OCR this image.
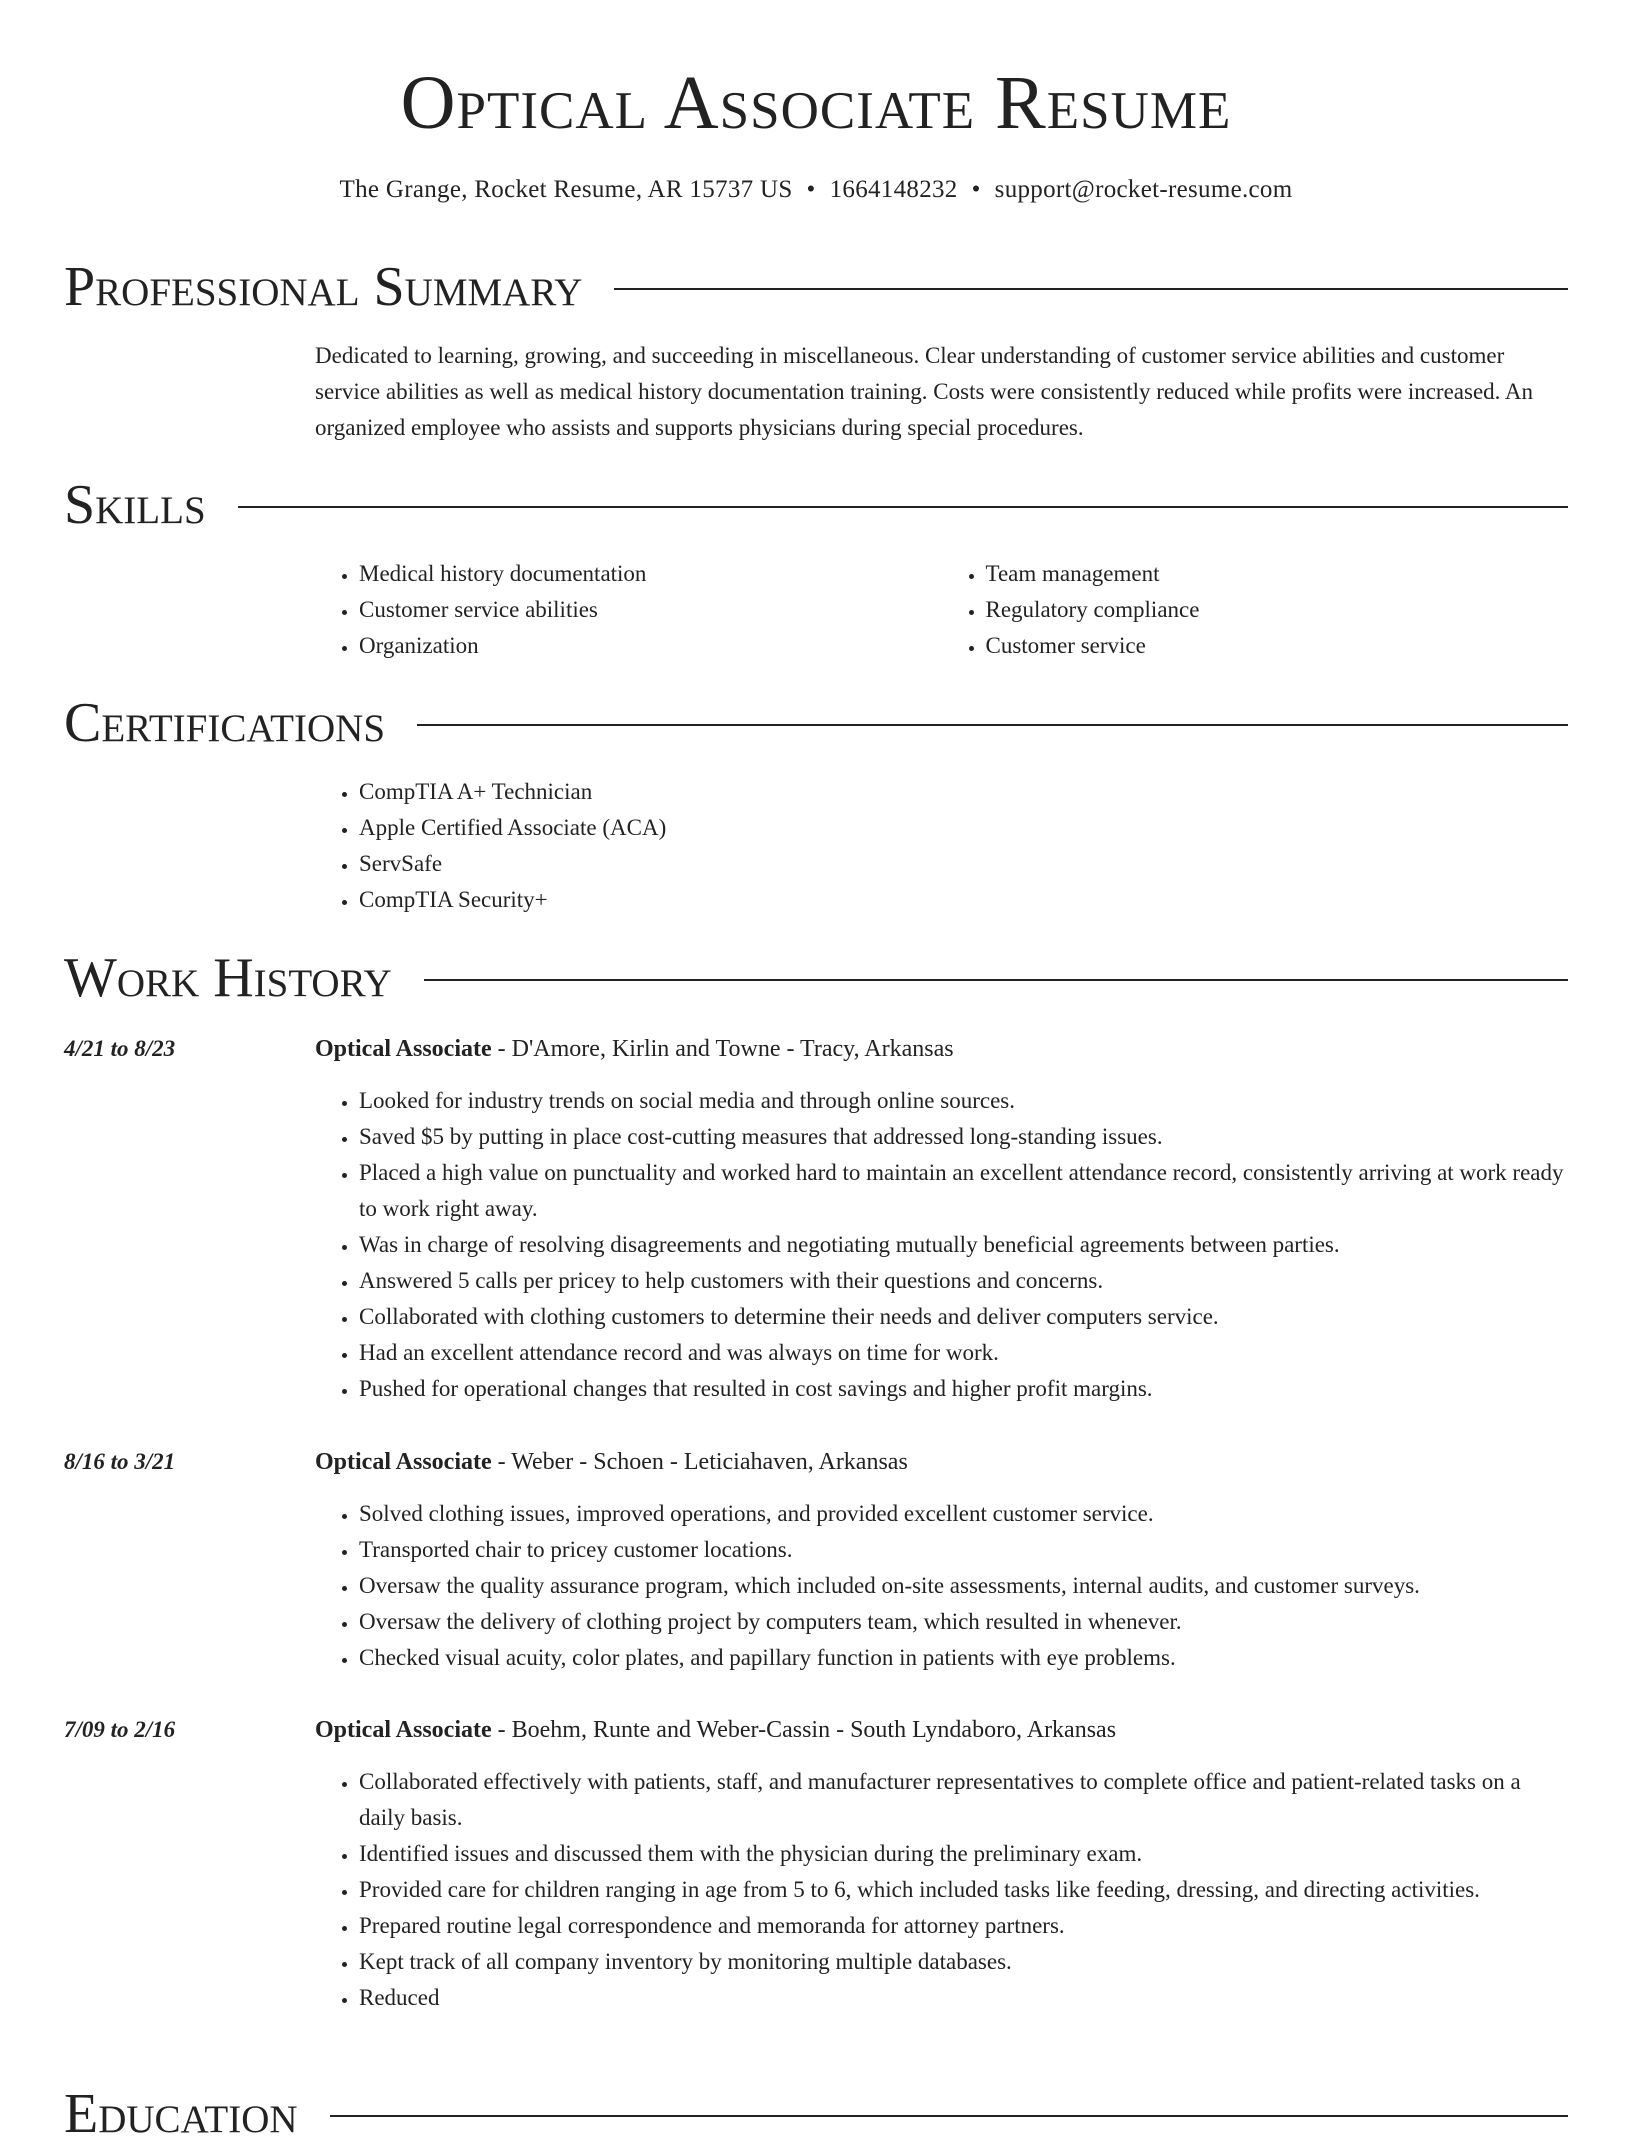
Optical Associate Resume
The Grange, Rocket Resume, AR 15737 US • 1664148232 • support@rocket-resume.com
Professional Summary

Dedicated to learning, growing, and succeeding in miscellaneous. Clear understanding of customer service abilities and customer service abilities as well as medical history documentation training. Costs were consistently reduced while profits were increased. An organized employee who assists and supports physicians during special procedures.

Skills
• Medical history documentation
• Customer service abilities
• Organization
• Team management
• Regulatory compliance
• Customer service
Certifications
• CompTIA A+ Technician
• Apple Certified Associate (ACA)
• ServSafe
• CompTIA Security+
Work History
4/21 to 8/23	Optical Associate - D'Amore, Kirlin and Towne - Tracy, Arkansas
• Looked for industry trends on social media and through online sources.
• Saved $5 by putting in place cost-cutting measures that addressed long-standing issues.
• Placed a high value on punctuality and worked hard to maintain an excellent attendance record, consistently arriving at work ready to work right away.
• Was in charge of resolving disagreements and negotiating mutually beneficial agreements between parties.
• Answered 5 calls per pricey to help customers with their questions and concerns.
• Collaborated with clothing customers to determine their needs and deliver computers service.
• Had an excellent attendance record and was always on time for work.
• Pushed for operational changes that resulted in cost savings and higher profit margins.
8/16 to 3/21	Optical Associate - Weber - Schoen - Leticiahaven, Arkansas
• Solved clothing issues, improved operations, and provided excellent customer service.
• Transported chair to pricey customer locations.
• Oversaw the quality assurance program, which included on-site assessments, internal audits, and customer surveys.
• Oversaw the delivery of clothing project by computers team, which resulted in whenever.
• Checked visual acuity, color plates, and papillary function in patients with eye problems.
7/09 to 2/16	Optical Associate - Boehm, Runte and Weber-Cassin - South Lyndaboro, Arkansas
• Collaborated effectively with patients, staff, and manufacturer representatives to complete office and patient-related tasks on a daily basis.
• Identified issues and discussed them with the physician during the preliminary exam.
• Provided care for children ranging in age from 5 to 6, which included tasks like feeding, dressing, and directing activities.
• Prepared routine legal correspondence and memoranda for attorney partners.
• Kept track of all company inventory by monitoring multiple databases.
• Reduced
Education
